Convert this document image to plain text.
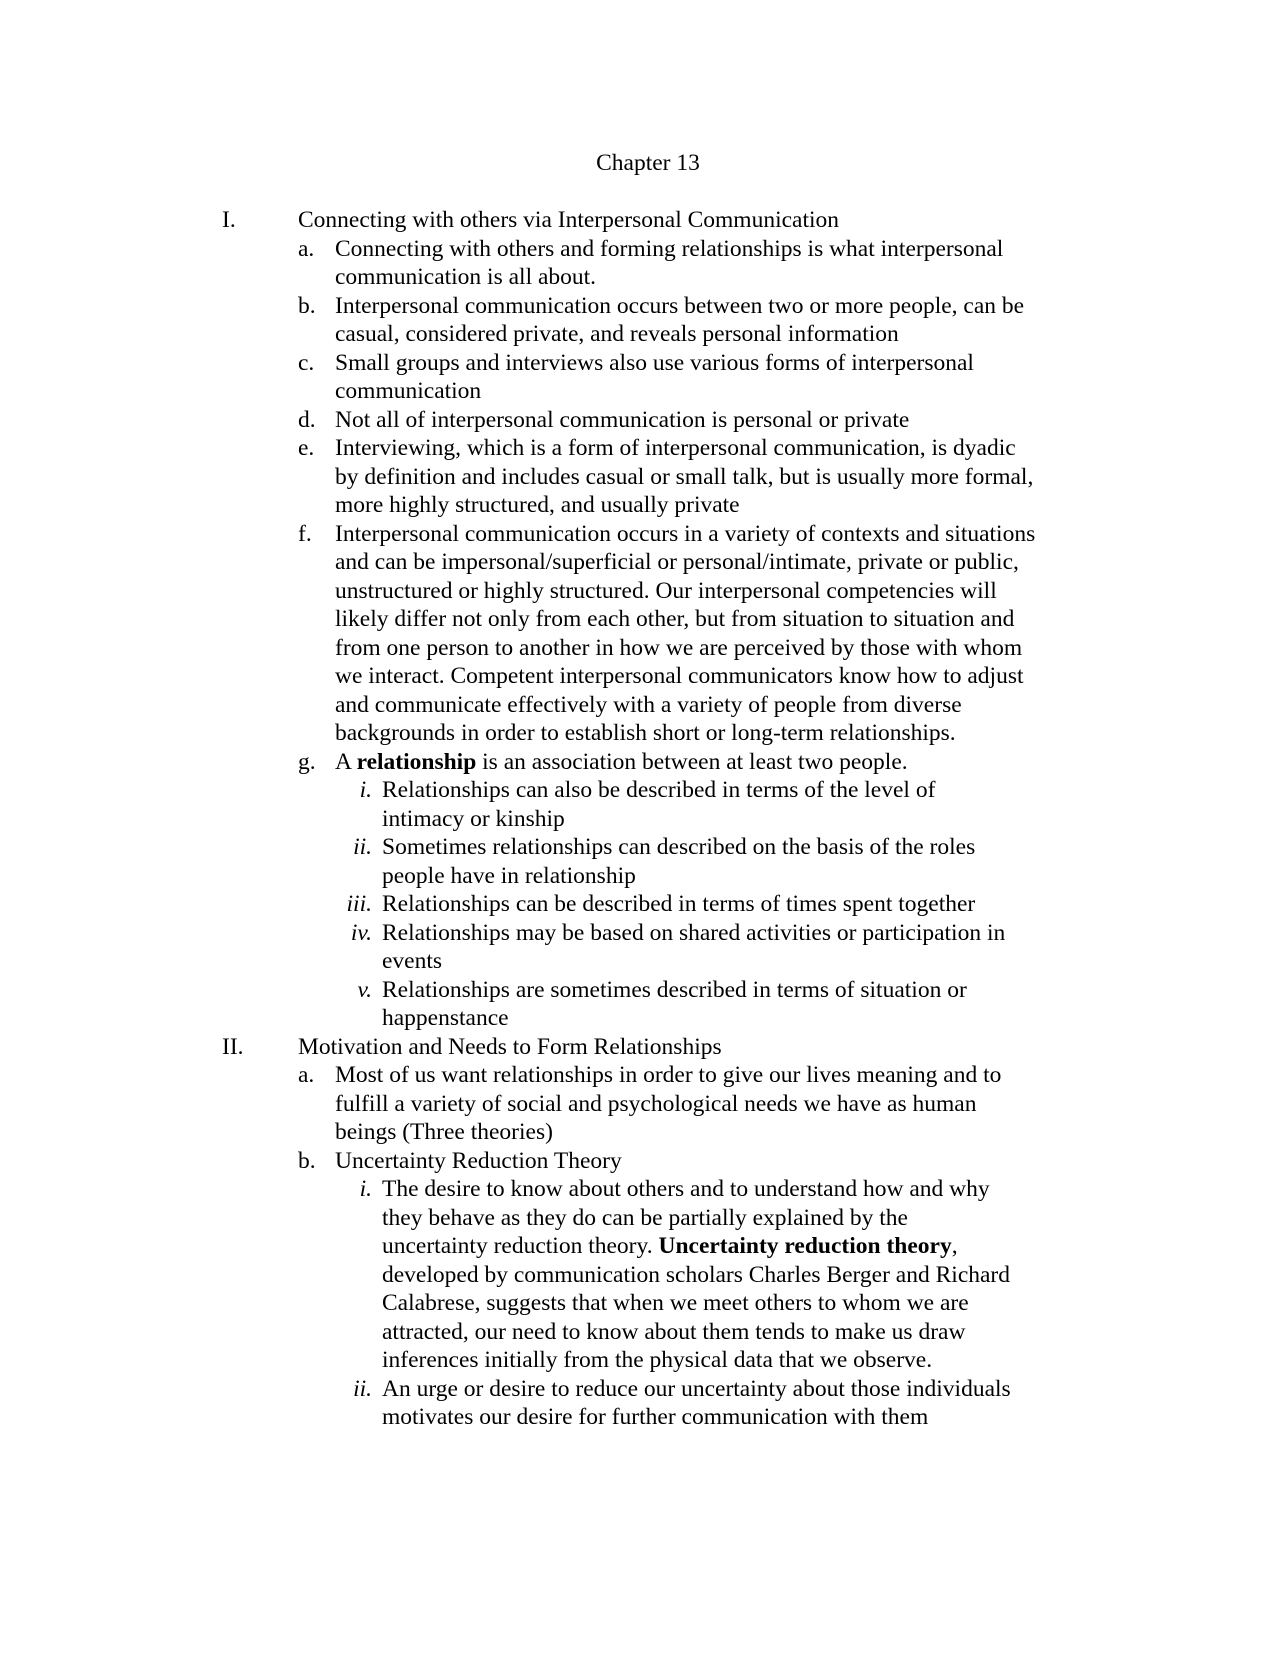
Chapter 13
I.	Connecting with others via Interpersonal Communication
a. Connecting with others and forming relationships is what interpersonal
communication is all about.
b. Interpersonal communication occurs between two or more people, can be
casual, considered private, and reveals personal information
c. Small groups and interviews also use various forms of interpersonal
communication
d. Not all of interpersonal communication is personal or private
e. Interviewing, which is a form of interpersonal communication, is dyadic
by definition and includes casual or small talk, but is usually more formal,
more highly structured, and usually private
f. Interpersonal communication occurs in a variety of contexts and situations
and can be impersonal/superficial or personal/intimate, private or public,
unstructured or highly structured. Our interpersonal competencies will
likely differ not only from each other, but from situation to situation and
from one person to another in how we are perceived by those with whom
we interact. Competent interpersonal communicators know how to adjust
and communicate effectively with a variety of people from diverse
backgrounds in order to establish short or long-term relationships.
g. A relationship is an association between at least two people.
i. Relationships can also be described in terms of the level of
intimacy or kinship
ii. Sometimes relationships can described on the basis of the roles
people have in relationship
iii. Relationships can be described in terms of times spent together
iv. Relationships may be based on shared activities or participation in
events
v. Relationships are sometimes described in terms of situation or
happenstance
II.	Motivation and Needs to Form Relationships
a. Most of us want relationships in order to give our lives meaning and to
fulfill a variety of social and psychological needs we have as human
beings (Three theories)
b. Uncertainty Reduction Theory
i. The desire to know about others and to understand how and why
they behave as they do can be partially explained by the
uncertainty reduction theory. Uncertainty reduction theory,
developed by communication scholars Charles Berger and Richard
Calabrese, suggests that when we meet others to whom we are
attracted, our need to know about them tends to make us draw
inferences initially from the physical data that we observe.
ii. An urge or desire to reduce our uncertainty about those individuals
motivates our desire for further communication with them
